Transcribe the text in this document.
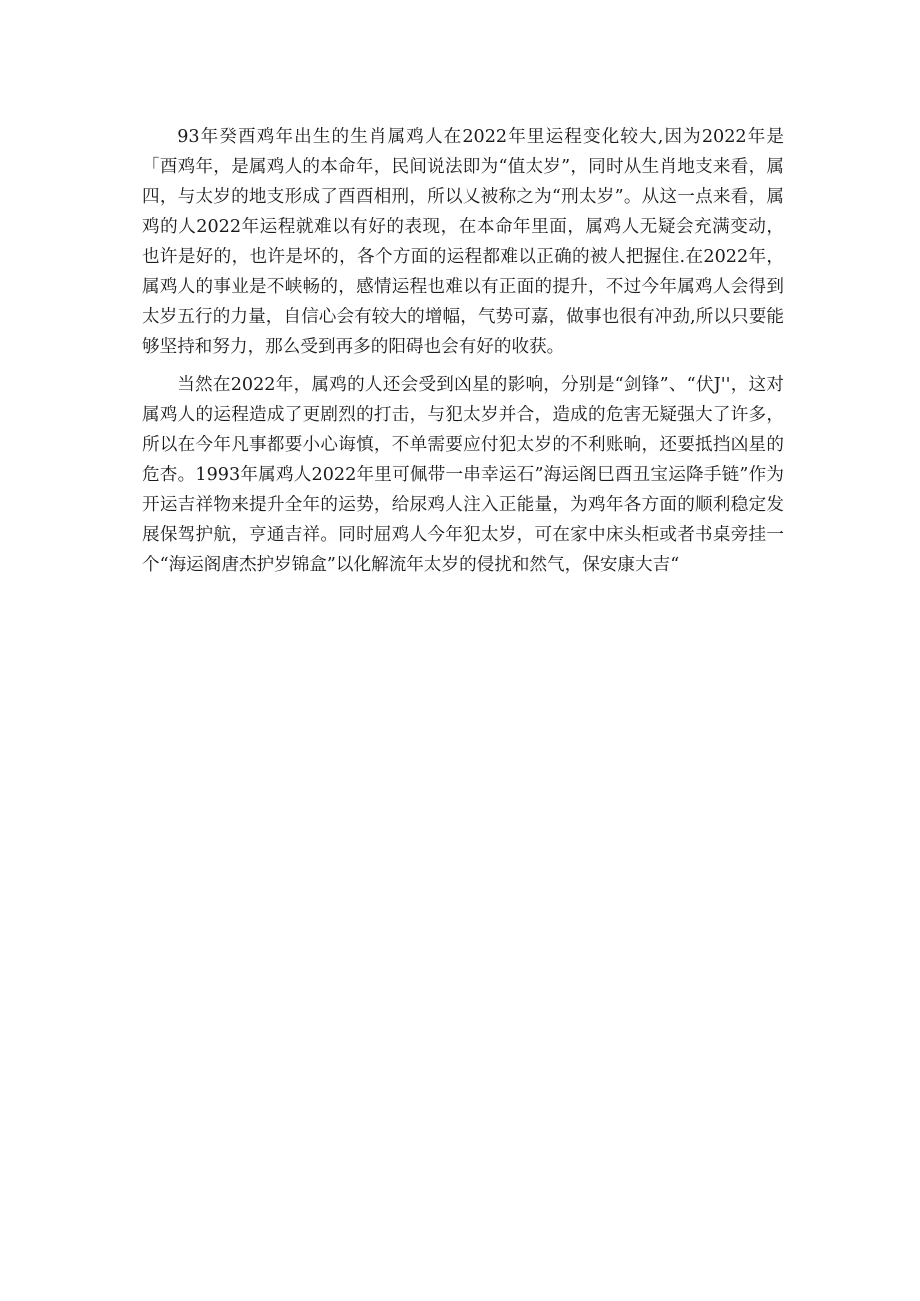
93年癸酉鸡年出生的生肖属鸡人在2022年里运程变化较大,因为2022年是「酉鸡年，是属鸡人的本命年，民间说法即为“值太岁”，同时从生肖地支来看，属四，与太岁的地支形成了酉酉相刑，所以乂被称之为“刑太岁”。从这一点来看，属鸡的人2022年运程就难以有好的表现，在本命年里面，属鸡人无疑会充满变动，也许是好的，也许是坏的，各个方面的运程都难以正确的被人把握住.在2022年，属鸡人的事业是不峡畅的，感情运程也难以有正面的提升，不过今年属鸡人会得到太岁五行的力量，自信心会有较大的增幅，气势可嘉，做事也很有冲劲,所以只要能够坚持和努力，那么受到再多的阳碍也会有好的收获。

当然在2022年，属鸡的人还会受到凶星的影响，分别是“剑锋”、“伏J''，这对属鸡人的运程造成了更剧烈的打击，与犯太岁并合，造成的危害无疑强大了许多，所以在今年凡事都要小心诲慎，不单需要应付犯太岁的不利账晌，还要抵挡凶星的危杏。1993年属鸡人2022年里可佩带一串幸运石”海运阁巳酉丑宝运降手链”作为开运吉祥物来提升全年的运势，给尿鸡人注入正能量，为鸡年各方面的顺利稳定发展保驾护航，亨通吉祥。同时屈鸡人今年犯太岁，可在家中床头柜或者书桌旁挂一个“海运阁唐杰护岁锦盒”以化解流年太岁的侵扰和然气，保安康大吉“
